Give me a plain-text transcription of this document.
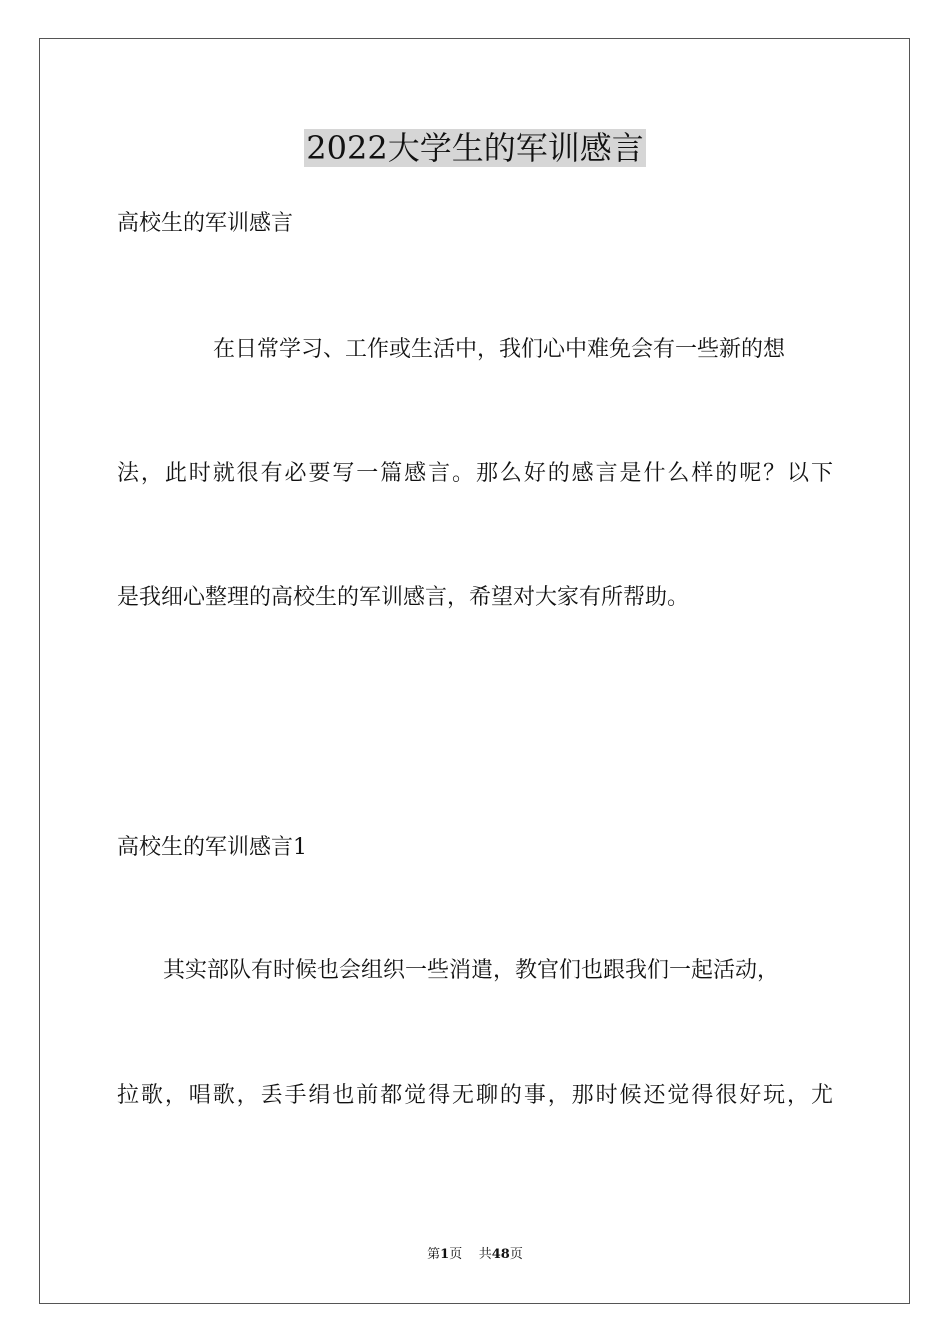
2022大学生的军训感言
高校生的军训感言
在日常学习、工作或生活中，我们心中难免会有一些新的想
法，此时就很有必要写一篇感言。那么好的感言是什么样的呢？以下
是我细心整理的高校生的军训感言，希望对大家有所帮助。
高校生的军训感言1
其实部队有时候也会组织一些消遣，教官们也跟我们一起活动，
拉歌，唱歌，丢手绢也前都觉得无聊的事，那时候还觉得很好玩，尤
第1页 共48页
